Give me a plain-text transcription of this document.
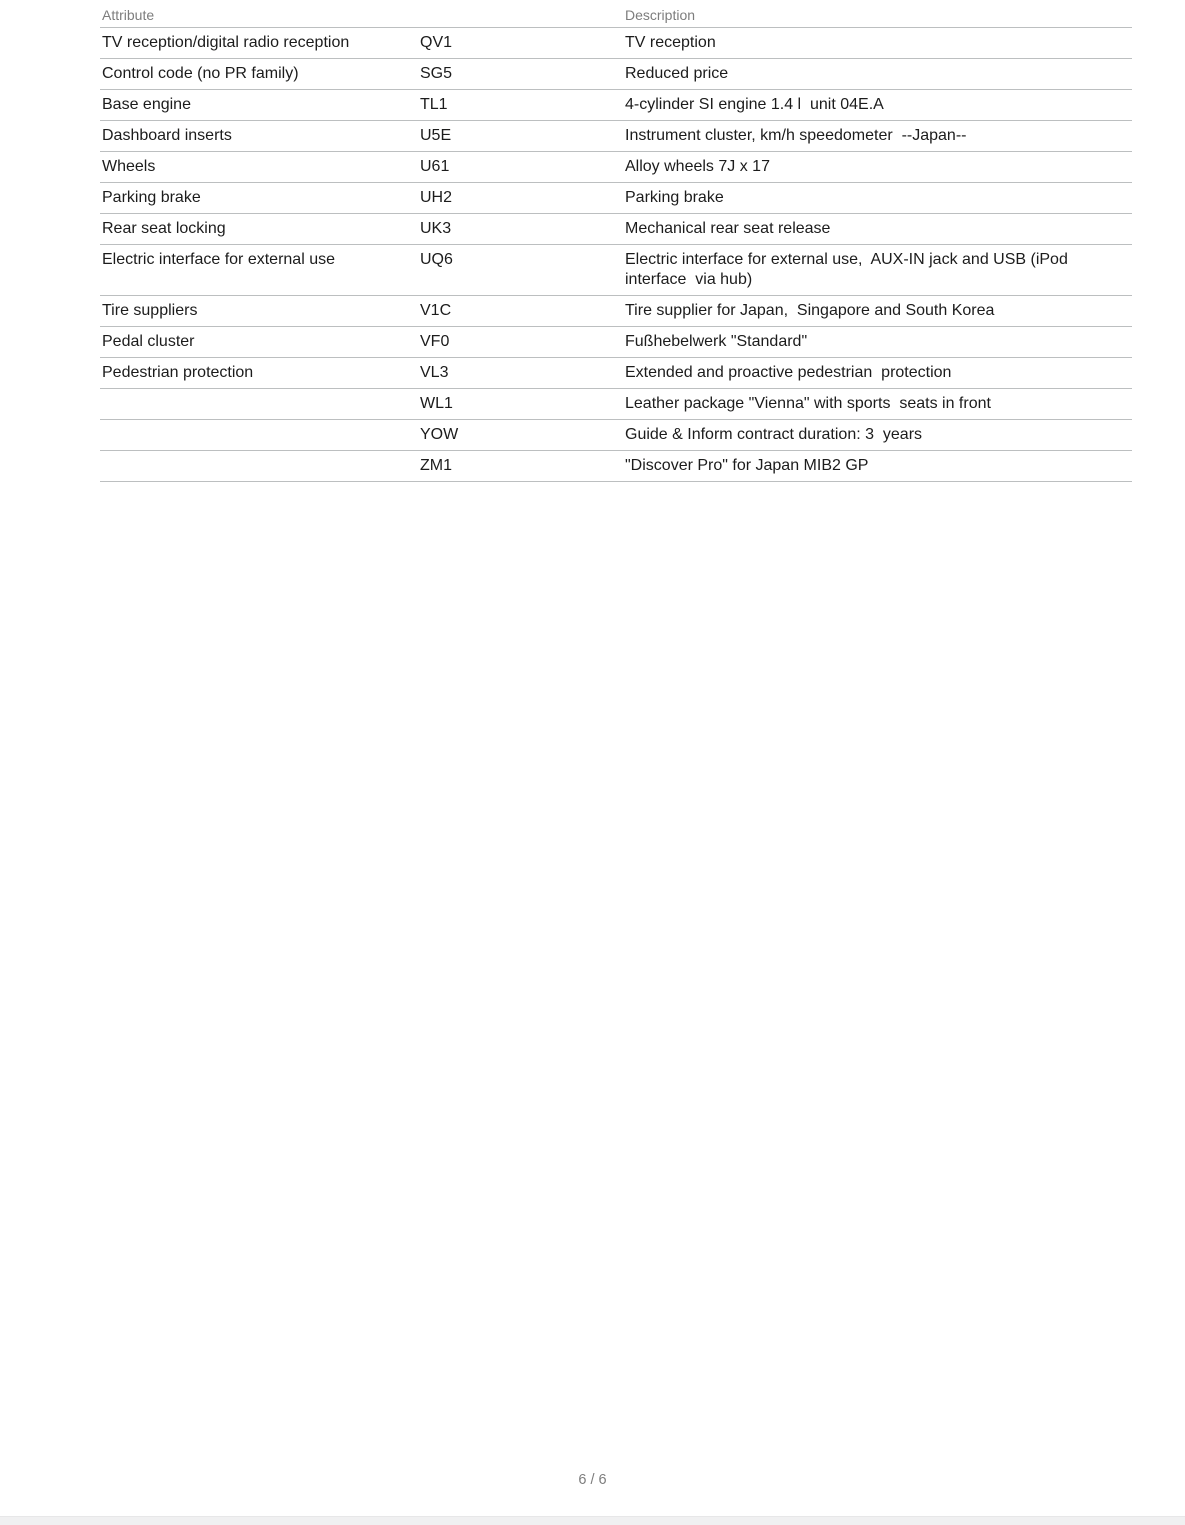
Attribute		Description
TV reception/digital radio reception	QV1	TV reception
Control code (no PR family)	SG5	Reduced price
Base engine	TL1	4-cylinder SI engine 1.4 l  unit 04E.A
Dashboard inserts	U5E	Instrument cluster, km/h speedometer  --Japan--
Wheels	U61	Alloy wheels 7J x 17
Parking brake	UH2	Parking brake
Rear seat locking	UK3	Mechanical rear seat release
Electric interface for external use	UQ6	Electric interface for external use,  AUX-IN jack and USB (iPod interface  via hub)
Tire suppliers	V1C	Tire supplier for Japan,  Singapore and South Korea
Pedal cluster	VF0	Fußhebelwerk "Standard"
Pedestrian protection	VL3	Extended and proactive pedestrian  protection
	WL1	Leather package "Vienna" with sports  seats in front
	YOW	Guide & Inform contract duration: 3  years
	ZM1	"Discover Pro" for Japan MIB2 GP
6 / 6
